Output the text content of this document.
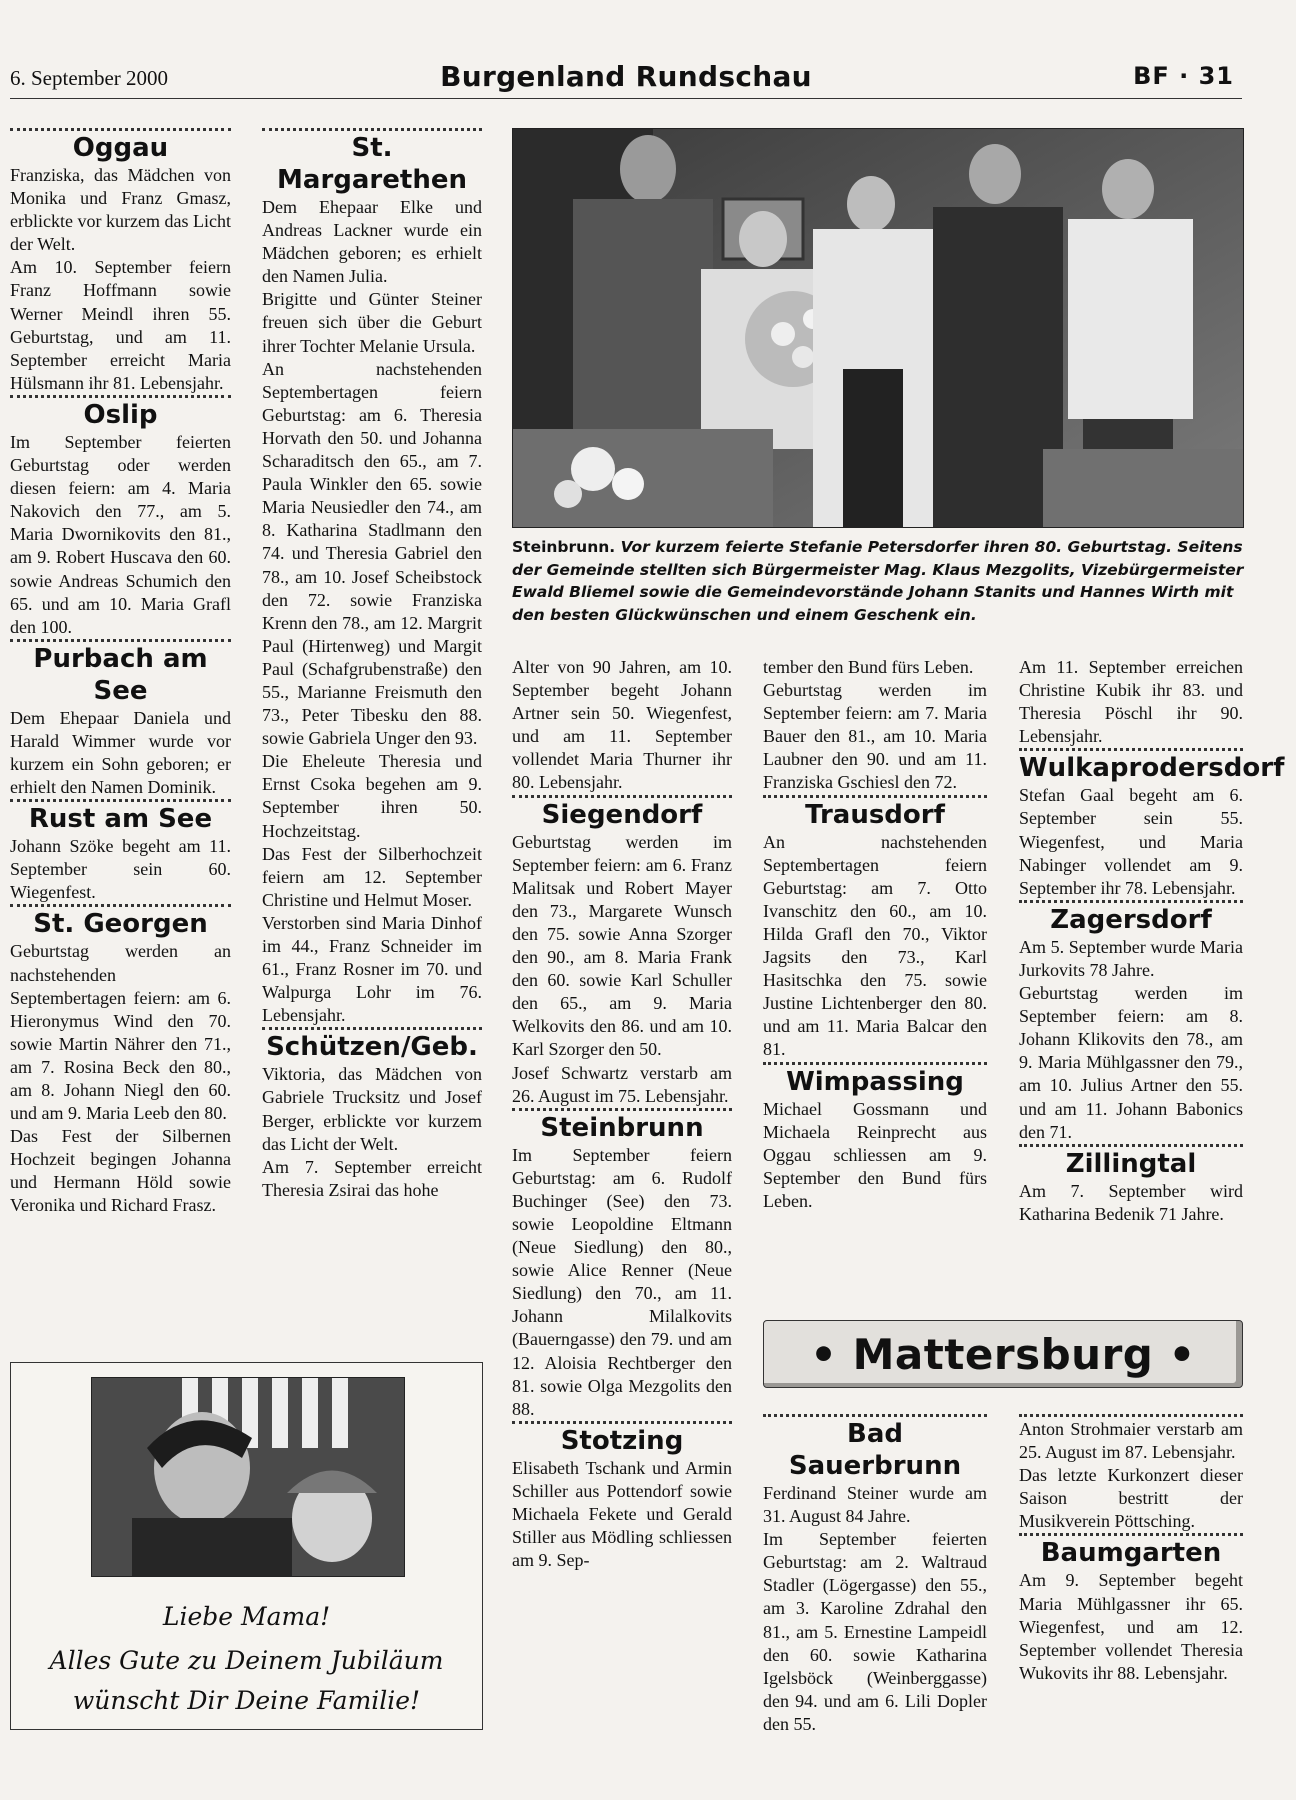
6. September 2000	Burgenland Rundschau	BF · 31
Oggau

Franziska, das Mädchen von Monika und Franz Gmasz, erblickte vor kurzem das Licht der Welt.

Am 10. September feiern Franz Hoffmann sowie Werner Meindl ihren 55. Geburtstag, und am 11. September erreicht Maria Hülsmann ihr 81. Lebensjahr.

Oslip

Im September feierten Geburtstag oder werden diesen feiern: am 4. Maria Nakovich den 77., am 5. Maria Dwornikovits den 81., am 9. Robert Huscava den 60. sowie Andreas Schumich den 65. und am 10. Maria Grafl den 100.

Purbach am See

Dem Ehepaar Daniela und Harald Wimmer wurde vor kurzem ein Sohn geboren; er erhielt den Namen Dominik.

Rust am See

Johann Szöke begeht am 11. September sein 60. Wiegenfest.

St. Georgen

Geburtstag werden an nachstehenden Septembertagen feiern: am 6. Hieronymus Wind den 70. sowie Martin Nährer den 71., am 7. Rosina Beck den 80., am 8. Johann Niegl den 60. und am 9. Maria Leeb den 80.

Das Fest der Silbernen Hochzeit begingen Johanna und Hermann Höld sowie Veronika und Richard Frasz.

St. Margarethen

Dem Ehepaar Elke und Andreas Lackner wurde ein Mädchen geboren; es erhielt den Namen Julia.

Brigitte und Günter Steiner freuen sich über die Geburt ihrer Tochter Melanie Ursula.

An nachstehenden Septembertagen feiern Geburtstag: am 6. Theresia Horvath den 50. und Johanna Scharaditsch den 65., am 7. Paula Winkler den 65. sowie Maria Neusiedler den 74., am 8. Katharina Stadlmann den 74. und Theresia Gabriel den 78., am 10. Josef Scheibstock den 72. sowie Franziska Krenn den 78., am 12. Margrit Paul (Hirtenweg) und Margit Paul (Schafgrubenstraße) den 55., Marianne Freismuth den 73., Peter Tibesku den 88. sowie Gabriela Unger den 93.

Die Eheleute Theresia und Ernst Csoka begehen am 9. September ihren 50. Hochzeitstag.

Das Fest der Silberhochzeit feiern am 12. September Christine und Helmut Moser.

Verstorben sind Maria Dinhof im 44., Franz Schneider im 61., Franz Rosner im 70. und Walpurga Lohr im 76. Lebensjahr.

Schützen/Geb.

Viktoria, das Mädchen von Gabriele Trucksitz und Josef Berger, erblickte vor kurzem das Licht der Welt.

Am 7. September erreicht Theresia Zsirai das hohe

Alter von 90 Jahren, am 10. September begeht Johann Artner sein 50. Wiegenfest, und am 11. September vollendet Maria Thurner ihr 80. Lebensjahr.

Siegendorf

Geburtstag werden im September feiern: am 6. Franz Malitsak und Robert Mayer den 73., Margarete Wunsch den 75. sowie Anna Szorger den 90., am 8. Maria Frank den 60. sowie Karl Schuller den 65., am 9. Maria Welkovits den 86. und am 10. Karl Szorger den 50.

Josef Schwartz verstarb am 26. August im 75. Lebensjahr.

Steinbrunn

Im September feiern Geburtstag: am 6. Rudolf Buchinger (See) den 73. sowie Leopoldine Eltmann (Neue Siedlung) den 80., sowie Alice Renner (Neue Siedlung) den 70., am 11. Johann Milalkovits (Bauerngasse) den 79. und am 12. Aloisia Rechtberger den 81. sowie Olga Mezgolits den 88.

Stotzing

Elisabeth Tschank und Armin Schiller aus Pottendorf sowie Michaela Fekete und Gerald Stiller aus Mödling schliessen am 9. Sep-

tember den Bund fürs Leben.

Geburtstag werden im September feiern: am 7. Maria Bauer den 81., am 10. Maria Laubner den 90. und am 11. Franziska Gschiesl den 72.

Trausdorf

An nachstehenden Septembertagen feiern Geburtstag: am 7. Otto Ivanschitz den 60., am 10. Hilda Grafl den 70., Viktor Jagsits den 73., Karl Hasitschka den 75. sowie Justine Lichtenberger den 80. und am 11. Maria Balcar den 81.

Wimpassing

Michael Gossmann und Michaela Reinprecht aus Oggau schliessen am 9. September den Bund fürs Leben.

Am 11. September erreichen Christine Kubik ihr 83. und Theresia Pöschl ihr 90. Lebensjahr.

Wulkaprodersdorf

Stefan Gaal begeht am 6. September sein 55. Wiegenfest, und Maria Nabinger vollendet am 9. September ihr 78. Lebensjahr.

Zagersdorf

Am 5. September wurde Maria Jurkovits 78 Jahre.

Geburtstag werden im September feiern: am 8. Johann Klikovits den 78., am 9. Maria Mühlgassner den 79., am 10. Julius Artner den 55. und am 11. Johann Babonics den 71.

Zillingtal

Am 7. September wird Katharina Bedenik 71 Jahre.

Bad Sauerbrunn

Ferdinand Steiner wurde am 31. August 84 Jahre.

Im September feierten Geburtstag: am 2. Waltraud Stadler (Lögergasse) den 55., am 3. Karoline Zdrahal den 81., am 5. Ernestine Lampeidl den 60. sowie Katharina Igelsböck (Weinberggasse) den 94. und am 6. Lili Dopler den 55.

Anton Strohmaier verstarb am 25. August im 87. Lebensjahr.

Das letzte Kurkonzert dieser Saison bestritt der Musikverein Pöttsching.

Baumgarten

Am 9. September begeht Maria Mühlgassner ihr 65. Wiegenfest, und am 12. September vollendet Theresia Wukovits ihr 88. Lebensjahr.

Steinbrunn. Vor kurzem feierte Stefanie Petersdorfer ihren 80. Geburtstag. Seitens der Gemeinde stellten sich Bürgermeister Mag. Klaus Mezgolits, Vizebürgermeister Ewald Bliemel sowie die Gemeindevorstände Johann Stanits und Hannes Wirth mit den besten Glückwünschen und einem Geschenk ein.
• Mattersburg •
Liebe Mama!
Alles Gute zu Deinem Jubiläum
wünscht Dir Deine Familie!
